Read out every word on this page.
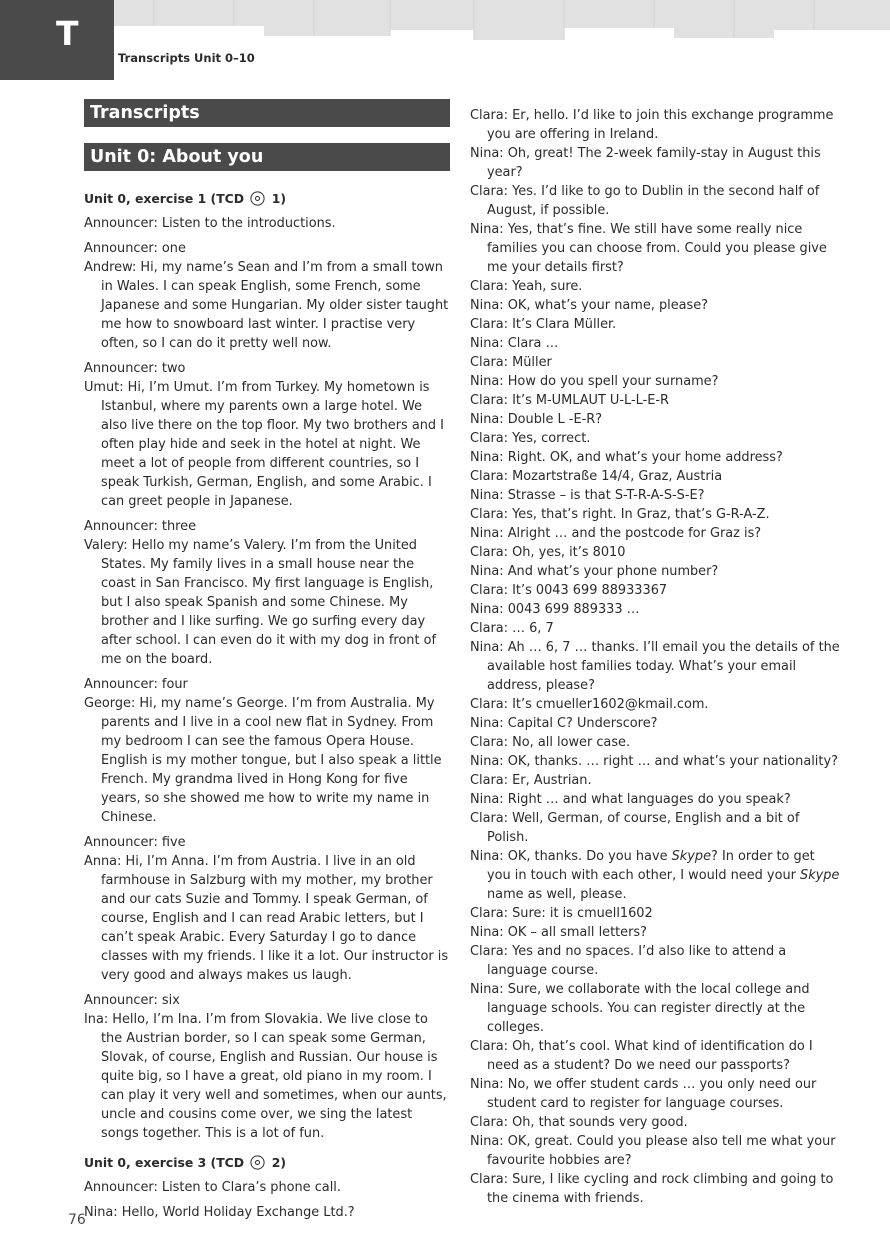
T
Transcripts Unit 0–10
Transcripts
Unit 0: About you

Unit 0, exercise 1 (TCD 1)

Announcer: Listen to the introductions.

Announcer: one

Andrew: Hi, my name’s Sean and I’m from a small town in Wales. I can speak English, some French, some Japanese and some Hungarian. My older sister taught me how to snowboard last winter. I practise very often, so I can do it pretty well now.

Announcer: two

Umut: Hi, I’m Umut. I’m from Turkey. My hometown is Istanbul, where my parents own a large hotel. We also live there on the top floor. My two brothers and I often play hide and seek in the hotel at night. We meet a lot of people from different countries, so I speak Turkish, German, English, and some Arabic. I can greet people in Japanese.

Announcer: three

Valery: Hello my name’s Valery. I’m from the United States. My family lives in a small house near the coast in San Francisco. My first language is English, but I also speak Spanish and some Chinese. My brother and I like surfing. We go surfing every day after school. I can even do it with my dog in front of me on the board.

Announcer: four

George: Hi, my name’s George. I’m from Australia. My parents and I live in a cool new flat in Sydney. From my bedroom I can see the famous Opera House. English is my mother tongue, but I also speak a little French. My grandma lived in Hong Kong for five years, so she showed me how to write my name in Chinese.

Announcer: five

Anna: Hi, I’m Anna. I’m from Austria. I live in an old farmhouse in Salzburg with my mother, my brother and our cats Suzie and Tommy. I speak German, of course, English and I can read Arabic letters, but I can’t speak Arabic. Every Saturday I go to dance classes with my friends. I like it a lot. Our instructor is very good and always makes us laugh.

Announcer: six

Ina: Hello, I’m Ina. I’m from Slovakia. We live close to the Austrian border, so I can speak some German, Slovak, of course, English and Russian. Our house is quite big, so I have a great, old piano in my room. I can play it very well and sometimes, when our aunts, uncle and cousins come over, we sing the latest songs together. This is a lot of fun.

Unit 0, exercise 3 (TCD 2)

Announcer: Listen to Clara’s phone call.

Nina: Hello, World Holiday Exchange Ltd.?

Clara: Er, hello. I’d like to join this exchange programme you are offering in Ireland.

Nina: Oh, great! The 2-week family-stay in August this year?

Clara: Yes. I’d like to go to Dublin in the second half of August, if possible.

Nina: Yes, that’s fine. We still have some really nice families you can choose from. Could you please give me your details first?

Clara: Yeah, sure.

Nina: OK, what’s your name, please?

Clara: It’s Clara Müller.

Nina: Clara …

Clara: Müller

Nina: How do you spell your surname?

Clara: It’s M-UMLAUT U-L-L-E-R

Nina: Double L -E-R?

Clara: Yes, correct.

Nina: Right. OK, and what’s your home address?

Clara: Mozartstraße 14/4, Graz, Austria

Nina: Strasse – is that S-T-R-A-S-S-E?

Clara: Yes, that’s right. In Graz, that’s G-R-A-Z.

Nina: Alright … and the postcode for Graz is?

Clara: Oh, yes, it’s 8010

Nina: And what’s your phone number?

Clara: It’s 0043 699 88933367

Nina: 0043 699 889333 …

Clara: … 6, 7

Nina: Ah … 6, 7 … thanks. I’ll email you the details of the available host families today. What’s your email address, please?

Clara: It’s cmueller1602@kmail.com.

Nina: Capital C? Underscore?

Clara: No, all lower case.

Nina: OK, thanks. … right … and what’s your nationality?

Clara: Er, Austrian.

Nina: Right … and what languages do you speak?

Clara: Well, German, of course, English and a bit of Polish.

Nina: OK, thanks. Do you have Skype? In order to get you in touch with each other, I would need your Skype name as well, please.

Clara: Sure: it is cmuell1602

Nina: OK – all small letters?

Clara: Yes and no spaces. I’d also like to attend a language course.

Nina: Sure, we collaborate with the local college and language schools. You can register directly at the colleges.

Clara: Oh, that’s cool. What kind of identification do I need as a student? Do we need our passports?

Nina: No, we offer student cards … you only need our student card to register for language courses.

Clara: Oh, that sounds very good.

Nina: OK, great. Could you please also tell me what your favourite hobbies are?

Clara: Sure, I like cycling and rock climbing and going to the cinema with friends.

76
